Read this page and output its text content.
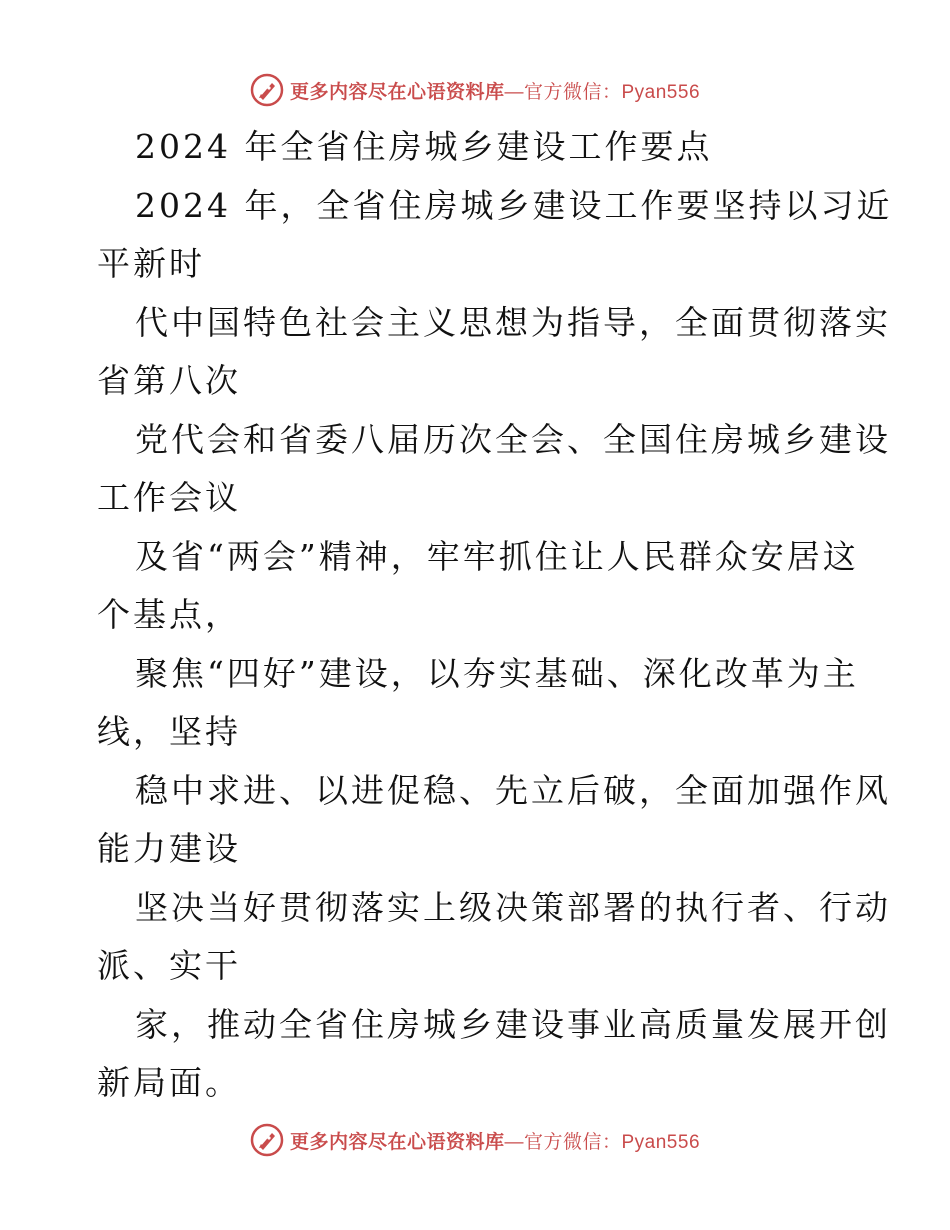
更多内容尽在心语资料库—官方微信：Pyan556
2024 年全省住房城乡建设工作要点
2024 年，全省住房城乡建设工作要坚持以习近
平新时
代中国特色社会主义思想为指导，全面贯彻落实
省第八次
党代会和省委八届历次全会、全国住房城乡建设
工作会议
及省“两会”精神，牢牢抓住让人民群众安居这
个基点，
聚焦“四好”建设，以夯实基础、深化改革为主
线，坚持
稳中求进、以进促稳、先立后破，全面加强作风
能力建设
坚决当好贯彻落实上级决策部署的执行者、行动
派、实干
家，推动全省住房城乡建设事业高质量发展开创
新局面。
更多内容尽在心语资料库—官方微信：Pyan556
